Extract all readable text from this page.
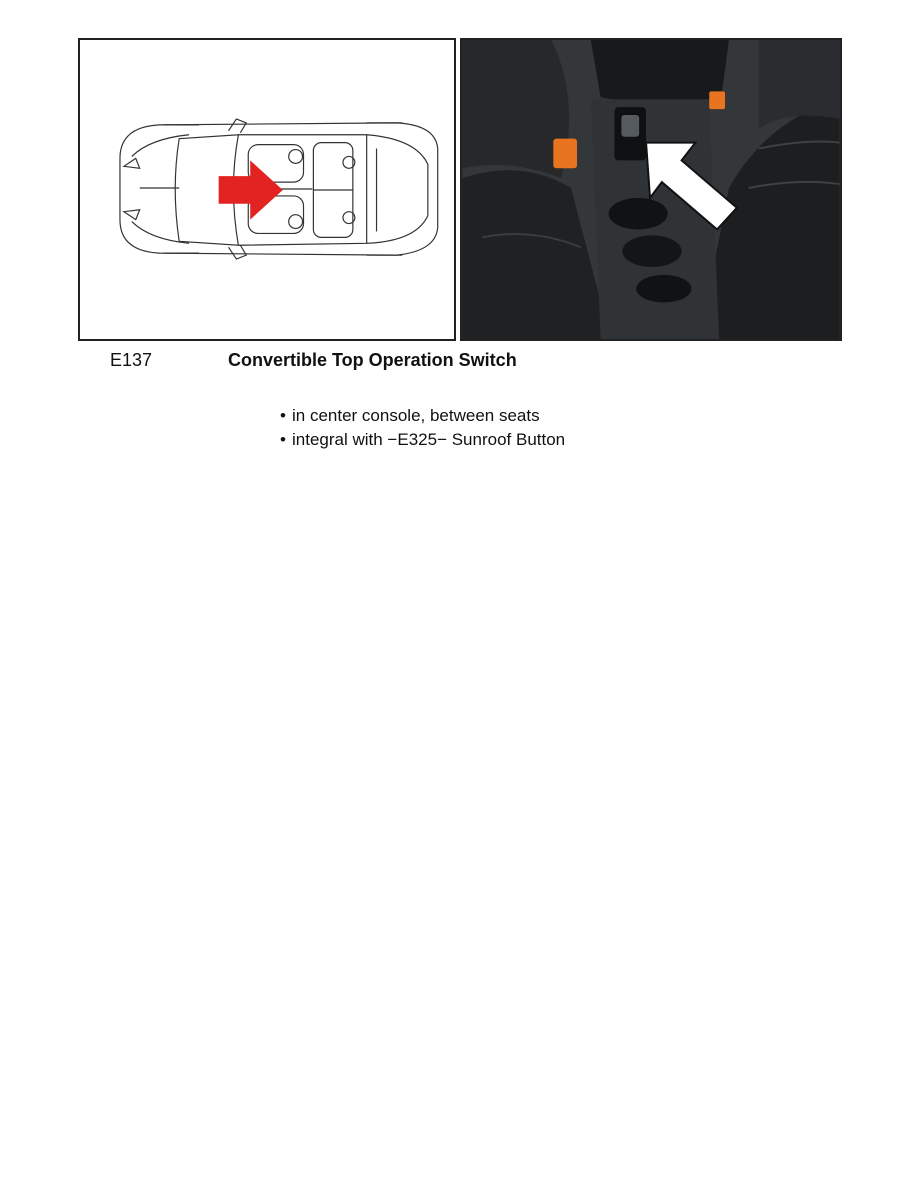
E137	Convertible Top Operation Switch
• in center console, between seats
• integral with −E325− Sunroof Button
